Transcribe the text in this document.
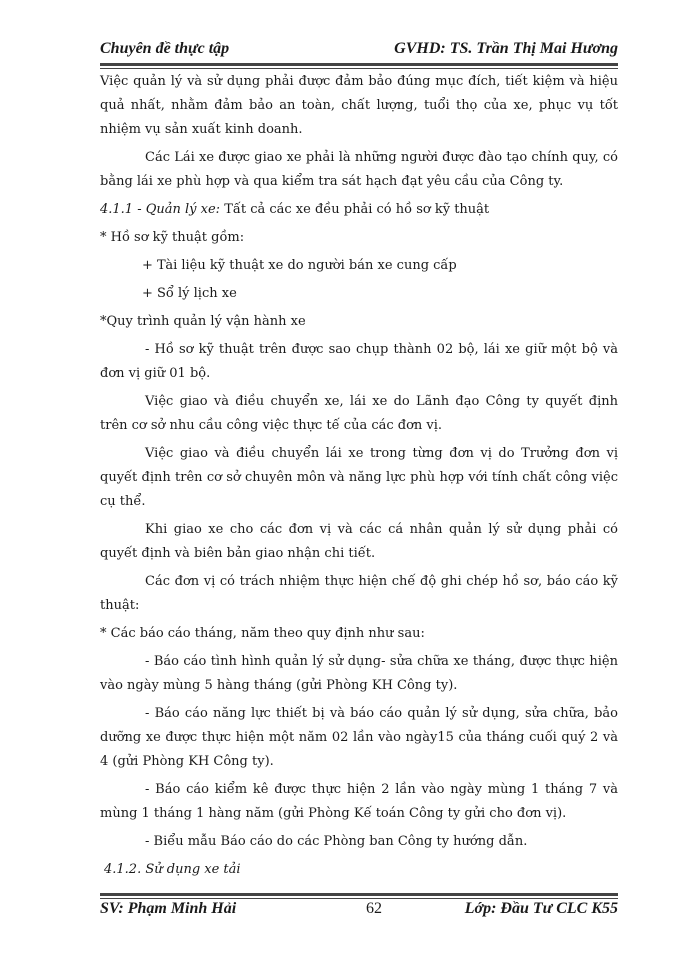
Chuyên đề thực tập	GVHD: TS. Trần Thị Mai Hương

Việc quản lý và sử dụng phải được đảm bảo đúng mục đích, tiết kiệm và hiệu quả nhất, nhằm đảm bảo an toàn, chất lượng, tuổi thọ của xe, phục vụ tốt nhiệm vụ sản xuất kinh doanh.

Các Lái xe được giao xe phải là những người được đào tạo chính quy, có bằng lái xe phù hợp và qua kiểm tra sát hạch đạt yêu cầu của Công ty.

4.1.1 - Quản lý xe: Tất cả các xe đều phải có hồ sơ kỹ thuật

* Hồ sơ kỹ thuật gồm:

+ Tài liệu kỹ thuật xe do người bán xe cung cấp

+ Sổ lý lịch xe

*Quy trình quản lý vận hành xe

- Hồ sơ kỹ thuật trên được sao chụp thành 02 bộ, lái xe giữ một bộ và đơn vị giữ 01 bộ.

Việc giao và điều chuyển xe, lái xe do Lãnh đạo Công ty quyết định trên cơ sở nhu cầu công việc thực tế của các đơn vị.

Việc giao và điều chuyển lái xe trong từng đơn vị do Trưởng đơn vị quyết định trên cơ sở chuyên môn và năng lực phù hợp với tính chất công việc cụ thể.

Khi giao xe cho các đơn vị và các cá nhân quản lý sử dụng phải có quyết định và biên bản giao nhận chi tiết.

Các đơn vị có trách nhiệm thực hiện chế độ ghi chép hồ sơ, báo cáo kỹ thuật:

* Các báo cáo tháng, năm theo quy định như sau:

- Báo cáo tình hình quản lý sử dụng- sửa chữa xe tháng, được thực hiện vào ngày mùng 5 hàng tháng (gửi Phòng KH Công ty).

- Báo cáo năng lực thiết bị và báo cáo quản lý sử dụng, sửa chữa, bảo dưỡng xe được thực hiện một năm 02 lần vào ngày15 của tháng cuối quý 2 và 4 (gửi Phòng KH Công ty).

- Báo cáo kiểm kê được thực hiện 2 lần vào ngày mùng 1 tháng 7 và mùng 1 tháng 1 hàng năm (gửi Phòng Kế toán Công ty gửi cho đơn vị).

- Biểu mẫu Báo cáo do các Phòng ban Công ty hướng dẫn.

4.1.2. Sử dụng xe tải

SV: Phạm Minh Hải	62	Lớp: Đầu Tư CLC K55
